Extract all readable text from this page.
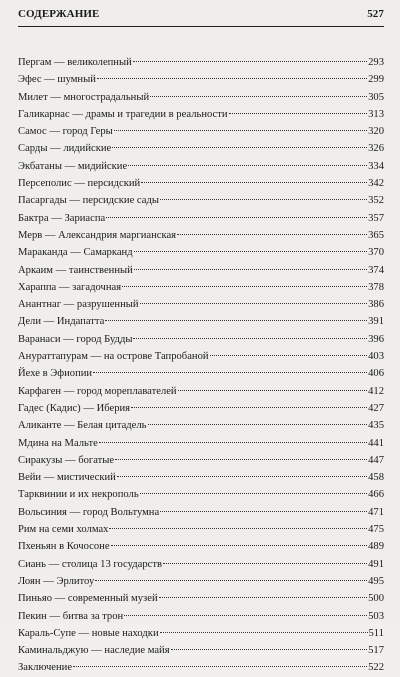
СОДЕРЖАНИЕ	527
Пергам — великолепный	293
Эфес — шумный	299
Милет — многострадальный	305
Галикарнас — драмы и трагедии в реальности	313
Самос — город Геры	320
Сарды — лидийские	326
Экбатаны — мидийские	334
Персеполис — персидский	342
Пасаргады — персидские сады	352
Бактра — Зариаспа	357
Мерв — Александрия маргианская	365
Мараканда — Самарканд	370
Аркаим — таинственный	374
Хараппа — загадочная	378
Анантнаг — разрушенный	386
Дели — Индапатта	391
Варанаси — город Будды	396
Анураттапурам — на острове Тапробаной	403
Йехе в Эфиопии	406
Карфаген — город мореплавателей	412
Гадес (Кадис) — Иберия	427
Аликанте — Белая цитадель	435
Мдина на Мальте	441
Сиракузы — богатые	447
Вейи — мистический	458
Тарквинии и их некрополь	466
Вольсиния — город Вольтумна	471
Рим на семи холмах	475
Пхеньян в Кочосоне	489
Сиань — столица 13 государств	491
Лоян — Эрлитоу	495
Пиньяо — современный музей	500
Пекин — битва за трон	503
Караль-Супе — новые находки	511
Каминальджую — наследие майя	517
Заключение	522
